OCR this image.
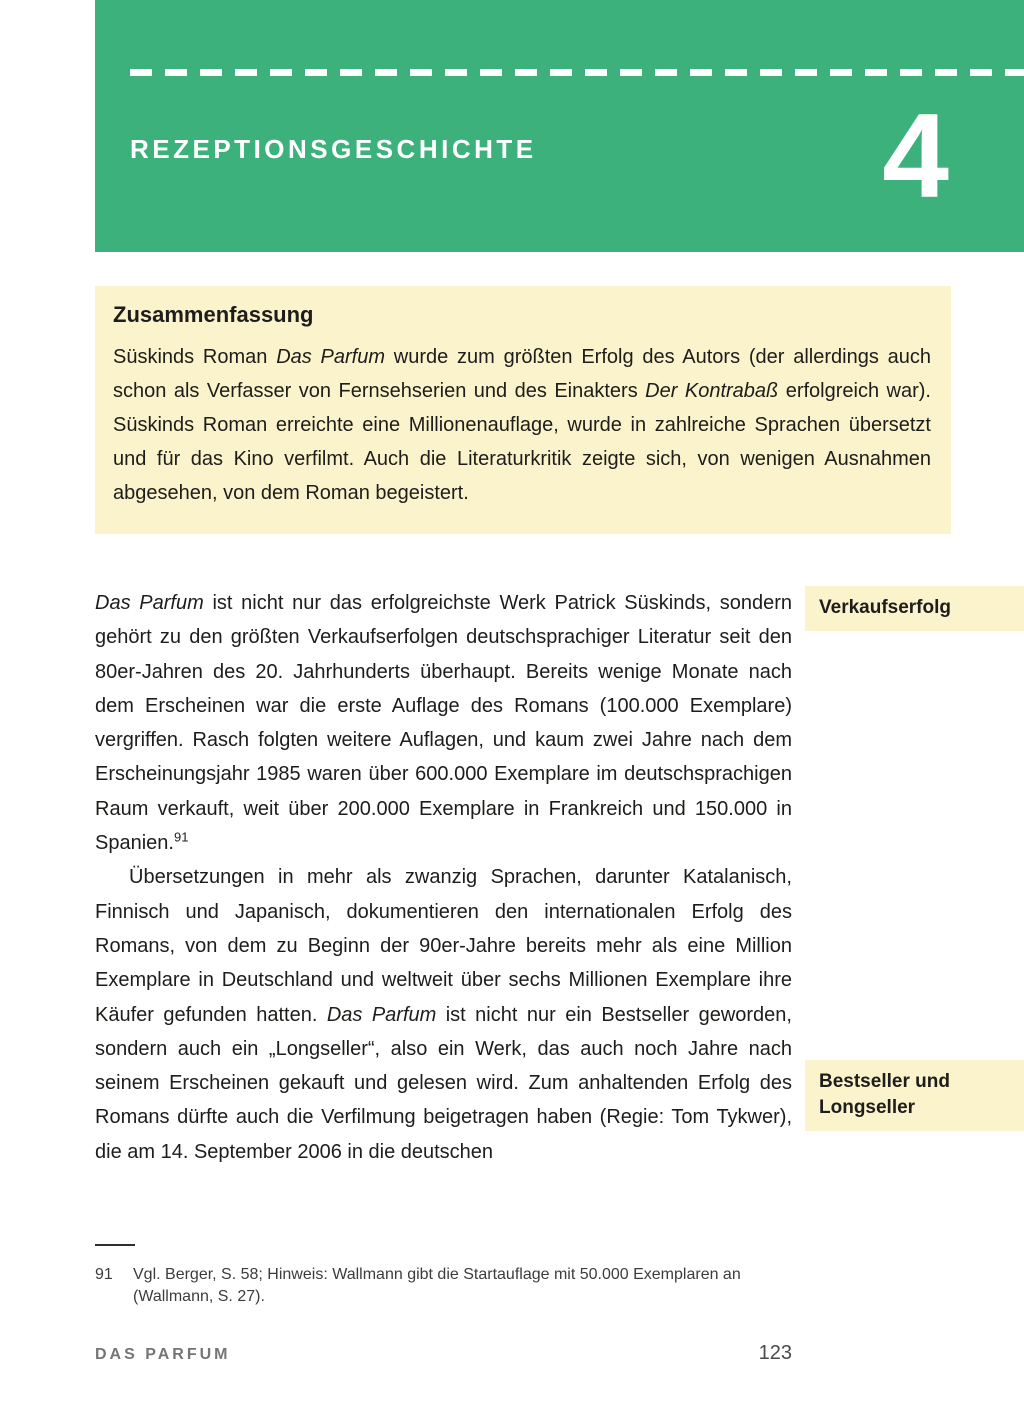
REZEPTIONSGESCHICHTE	4
Zusammenfassung
Süskinds Roman Das Parfum wurde zum größten Erfolg des Autors (der allerdings auch schon als Verfasser von Fernsehserien und des Einakters Der Kontrabaß erfolgreich war). Süskinds Roman erreichte eine Millionenauflage, wurde in zahlreiche Sprachen übersetzt und für das Kino verfilmt. Auch die Literaturkritik zeigte sich, von wenigen Ausnahmen abgesehen, von dem Roman begeistert.

Das Parfum ist nicht nur das erfolgreichste Werk Patrick Süskinds, sondern gehört zu den größten Verkaufserfolgen deutschsprachiger Literatur seit den 80er-Jahren des 20. Jahrhunderts überhaupt. Bereits wenige Monate nach dem Erscheinen war die erste Auflage des Romans (100.000 Exemplare) vergriffen. Rasch folgten weitere Auflagen, und kaum zwei Jahre nach dem Erscheinungsjahr 1985 waren über 600.000 Exemplare im deutschsprachigen Raum verkauft, weit über 200.000 Exemplare in Frankreich und 150.000 in Spanien.$^{91}$

Übersetzungen in mehr als zwanzig Sprachen, darunter Katalanisch, Finnisch und Japanisch, dokumentieren den internationalen Erfolg des Romans, von dem zu Beginn der 90er-Jahre bereits mehr als eine Million Exemplare in Deutschland und weltweit über sechs Millionen Exemplare ihre Käufer gefunden hatten. Das Parfum ist nicht nur ein Bestseller geworden, sondern auch ein „Longseller“, also ein Werk, das auch noch Jahre nach seinem Erscheinen gekauft und gelesen wird. Zum anhaltenden Erfolg des Romans dürfte auch die Verfilmung beigetragen haben (Regie: Tom Tykwer), die am 14. September 2006 in die deutschen

Verkaufserfolg
Bestseller und Longseller
91	Vgl. Berger, S. 58; Hinweis: Wallmann gibt die Startauflage mit 50.000 Exemplaren an (Wallmann, S. 27).
DAS PARFUM	123
